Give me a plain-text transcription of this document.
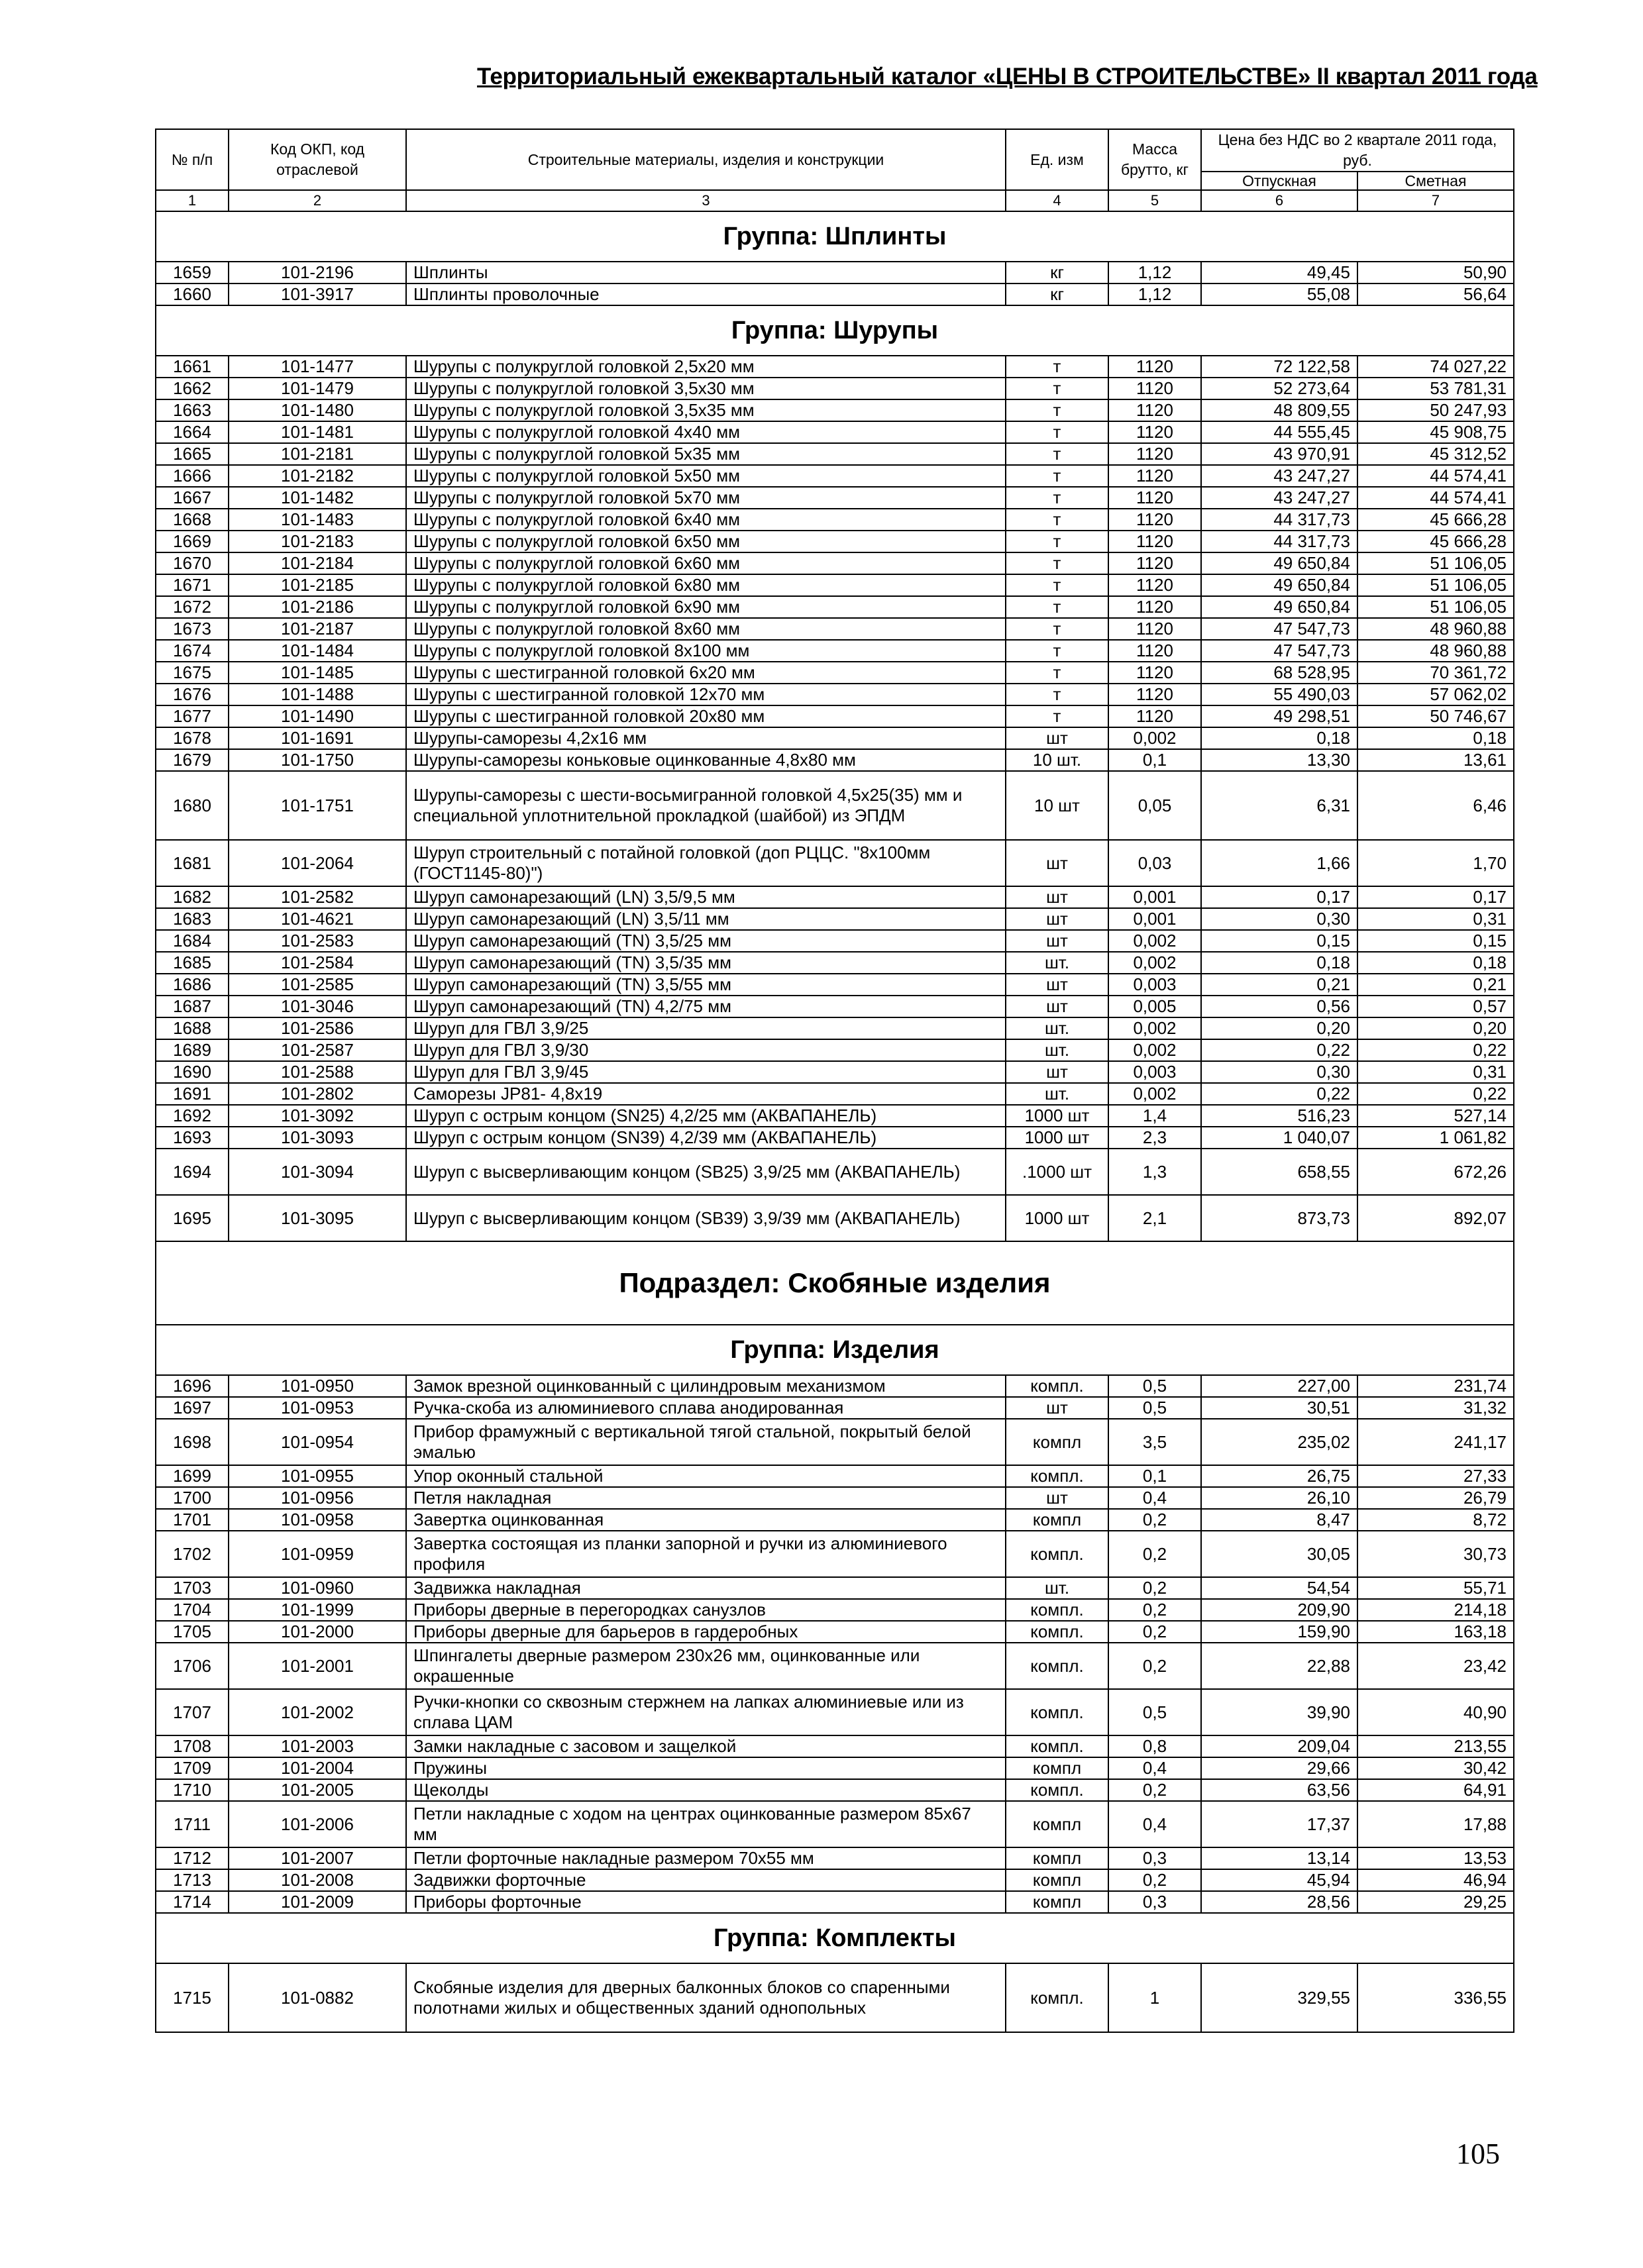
Территориальный ежеквартальный каталог «ЦЕНЫ В СТРОИТЕЛЬСТВЕ» II квартал 2011 года
№ п/п	Код ОКП, код отраслевой	Строительные материалы, изделия и конструкции	Ед. изм	Масса брутто, кг	Цена без НДС во 2 квартале 2011 года, руб.	
					Отпускная	Сметная
1	2	3	4	5	6	7
Группа: Шплинты						
1659	101-2196	Шплинты	кг	1,12	49,45	50,90
1660	101-3917	Шплинты проволочные	кг	1,12	55,08	56,64
Группа: Шурупы						
1661	101-1477	Шурупы с полукруглой головкой 2,5x20 мм	т	1120	72 122,58	74 027,22
1662	101-1479	Шурупы с полукруглой головкой 3,5x30 мм	т	1120	52 273,64	53 781,31
1663	101-1480	Шурупы с полукруглой головкой 3,5x35 мм	т	1120	48 809,55	50 247,93
1664	101-1481	Шурупы с полукруглой головкой 4x40 мм	т	1120	44 555,45	45 908,75
1665	101-2181	Шурупы с полукруглой головкой 5x35 мм	т	1120	43 970,91	45 312,52
1666	101-2182	Шурупы с полукруглой головкой 5x50 мм	т	1120	43 247,27	44 574,41
1667	101-1482	Шурупы с полукруглой головкой 5x70 мм	т	1120	43 247,27	44 574,41
1668	101-1483	Шурупы с полукруглой головкой 6x40 мм	т	1120	44 317,73	45 666,28
1669	101-2183	Шурупы с полукруглой головкой 6x50 мм	т	1120	44 317,73	45 666,28
1670	101-2184	Шурупы с полукруглой головкой 6x60 мм	т	1120	49 650,84	51 106,05
1671	101-2185	Шурупы с полукруглой головкой 6x80 мм	т	1120	49 650,84	51 106,05
1672	101-2186	Шурупы с полукруглой головкой 6x90 мм	т	1120	49 650,84	51 106,05
1673	101-2187	Шурупы с полукруглой головкой 8x60 мм	т	1120	47 547,73	48 960,88
1674	101-1484	Шурупы с полукруглой головкой 8x100 мм	т	1120	47 547,73	48 960,88
1675	101-1485	Шурупы с шестигранной головкой 6x20 мм	т	1120	68 528,95	70 361,72
1676	101-1488	Шурупы с шестигранной головкой 12x70 мм	т	1120	55 490,03	57 062,02
1677	101-1490	Шурупы с шестигранной головкой 20x80 мм	т	1120	49 298,51	50 746,67
1678	101-1691	Шурупы-саморезы 4,2x16 мм	шт	0,002	0,18	0,18
1679	101-1750	Шурупы-саморезы коньковые оцинкованные 4,8x80 мм	10 шт.	0,1	13,30	13,61
1680	101-1751	Шурупы-саморезы с шести-восьмигранной головкой 4,5x25(35) мм и специальной уплотнительной прокладкой (шайбой) из ЭПДМ	10 шт	0,05	6,31	6,46
1681	101-2064	Шуруп строительный с потайной головкой (доп РЦЦС. "8x100мм (ГОСТ1145-80)")	шт	0,03	1,66	1,70
1682	101-2582	Шуруп самонарезающий (LN) 3,5/9,5 мм	шт	0,001	0,17	0,17
1683	101-4621	Шуруп самонарезающий (LN) 3,5/11 мм	шт	0,001	0,30	0,31
1684	101-2583	Шуруп самонарезающий (TN) 3,5/25 мм	шт	0,002	0,15	0,15
1685	101-2584	Шуруп самонарезающий (TN) 3,5/35 мм	шт.	0,002	0,18	0,18
1686	101-2585	Шуруп самонарезающий (TN) 3,5/55 мм	шт	0,003	0,21	0,21
1687	101-3046	Шуруп самонарезающий (TN) 4,2/75 мм	шт	0,005	0,56	0,57
1688	101-2586	Шуруп для ГВЛ 3,9/25	шт.	0,002	0,20	0,20
1689	101-2587	Шуруп для ГВЛ 3,9/30	шт.	0,002	0,22	0,22
1690	101-2588	Шуруп для ГВЛ 3,9/45	шт	0,003	0,30	0,31
1691	101-2802	Саморезы JP81- 4,8x19	шт.	0,002	0,22	0,22
1692	101-3092	Шуруп с острым концом (SN25) 4,2/25 мм (АКВАПАНЕЛЬ)	1000 шт	1,4	516,23	527,14
1693	101-3093	Шуруп с острым концом (SN39) 4,2/39 мм (АКВАПАНЕЛЬ)	1000 шт	2,3	1 040,07	1 061,82
1694	101-3094	Шуруп с высверливающим концом (SB25) 3,9/25 мм (АКВАПАНЕЛЬ)	.1000 шт	1,3	658,55	672,26
1695	101-3095	Шуруп с высверливающим концом (SB39) 3,9/39 мм (АКВАПАНЕЛЬ)	1000 шт	2,1	873,73	892,07
Подраздел: Скобяные изделия						
Группа: Изделия						
1696	101-0950	Замок врезной оцинкованный с цилиндровым механизмом	компл.	0,5	227,00	231,74
1697	101-0953	Ручка-скоба из алюминиевого сплава анодированная	шт	0,5	30,51	31,32
1698	101-0954	Прибор фрамужный с вертикальной тягой стальной, покрытый белой эмалью	компл	3,5	235,02	241,17
1699	101-0955	Упор оконный стальной	компл.	0,1	26,75	27,33
1700	101-0956	Петля накладная	шт	0,4	26,10	26,79
1701	101-0958	Завертка оцинкованная	компл	0,2	8,47	8,72
1702	101-0959	Завертка состоящая из планки запорной и ручки из алюминиевого профиля	компл.	0,2	30,05	30,73
1703	101-0960	Задвижка накладная	шт.	0,2	54,54	55,71
1704	101-1999	Приборы дверные в перегородках санузлов	компл.	0,2	209,90	214,18
1705	101-2000	Приборы дверные для барьеров в гардеробных	компл.	0,2	159,90	163,18
1706	101-2001	Шпингалеты дверные размером 230x26 мм, оцинкованные или окрашенные	компл.	0,2	22,88	23,42
1707	101-2002	Ручки-кнопки со сквозным стержнем на лапках алюминиевые или из сплава ЦАМ	компл.	0,5	39,90	40,90
1708	101-2003	Замки накладные с засовом и защелкой	компл.	0,8	209,04	213,55
1709	101-2004	Пружины	компл	0,4	29,66	30,42
1710	101-2005	Щеколды	компл.	0,2	63,56	64,91
1711	101-2006	Петли накладные с ходом на центрах оцинкованные размером 85x67 мм	компл	0,4	17,37	17,88
1712	101-2007	Петли форточные накладные размером 70x55 мм	компл	0,3	13,14	13,53
1713	101-2008	Задвижки форточные	компл	0,2	45,94	46,94
1714	101-2009	Приборы форточные	компл	0,3	28,56	29,25
Группа: Комплекты						
1715	101-0882	Скобяные изделия для дверных балконных блоков со спаренными полотнами жилых и общественных зданий однопольных	компл.	1	329,55	336,55
105
